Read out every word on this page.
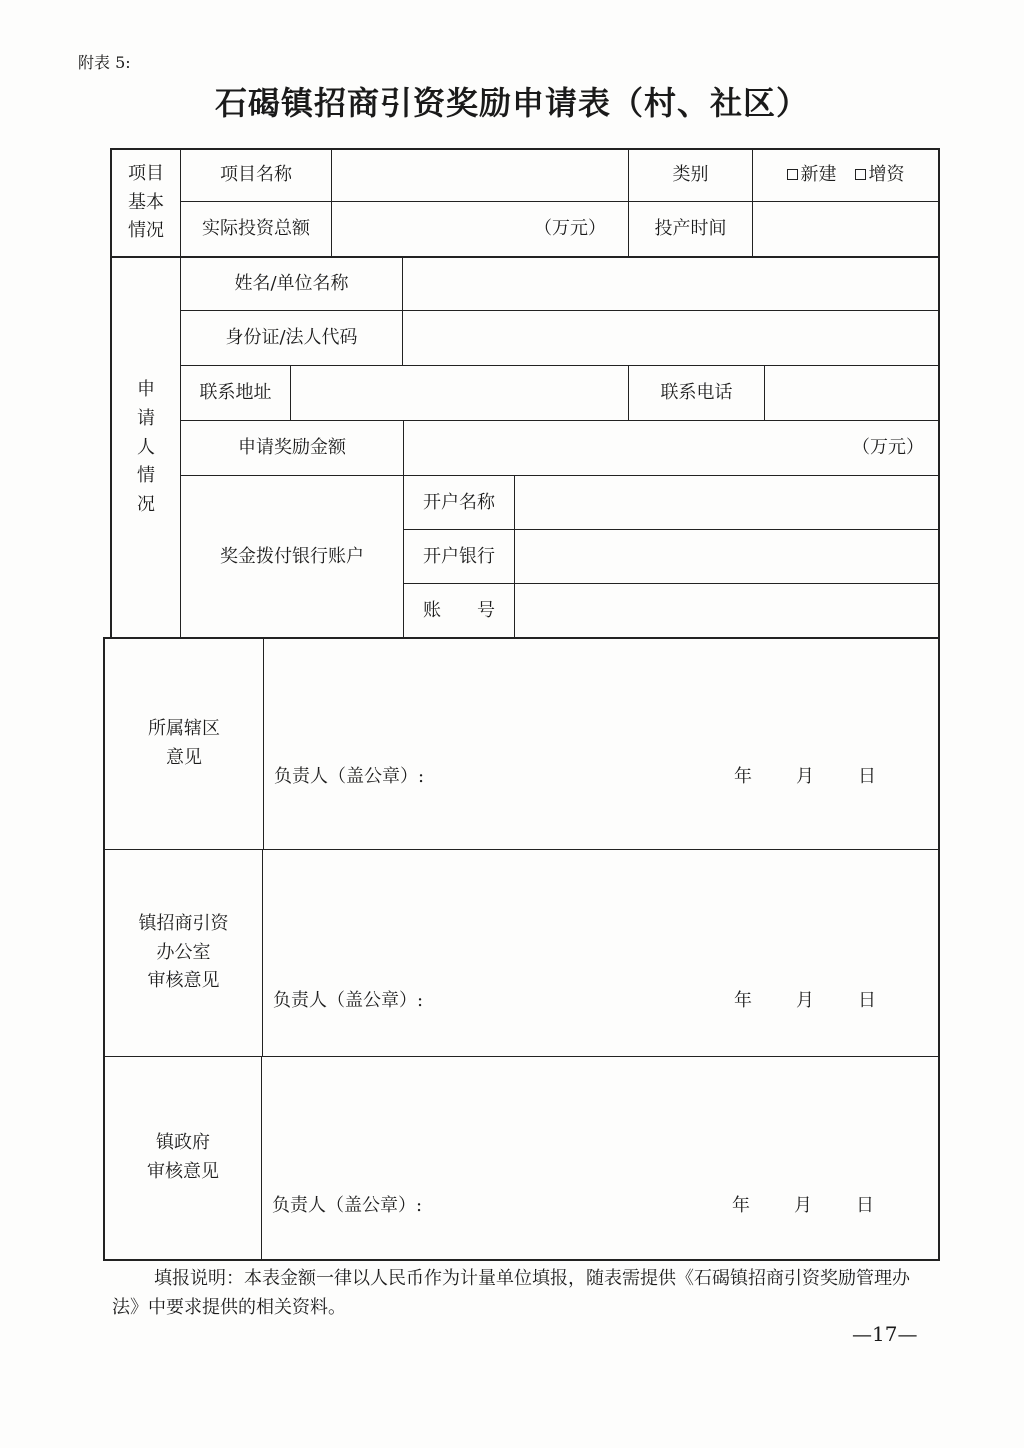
附表 5:
石碣镇招商引资奖励申请表（村、社区）
项目
基本
情况
项目名称	类别	新建 增资
实际投资总额	（万元）	投产时间
申
请
人
情
况
姓名/单位名称
身份证/法人代码
联系地址	联系电话
申请奖励金额	（万元）
奖金拨付银行账户
开户名称
开户银行
账　　号
所属辖区
意见
负责人（盖公章）:	年 月 日
镇招商引资
办公室
审核意见
负责人（盖公章）:	年 月 日
镇政府
审核意见
负责人（盖公章）:	年 月 日
填报说明：本表金额一律以人民币作为计量单位填报，随表需提供《石碣镇招商引资奖励管理办法》中要求提供的相关资料。
—17—
